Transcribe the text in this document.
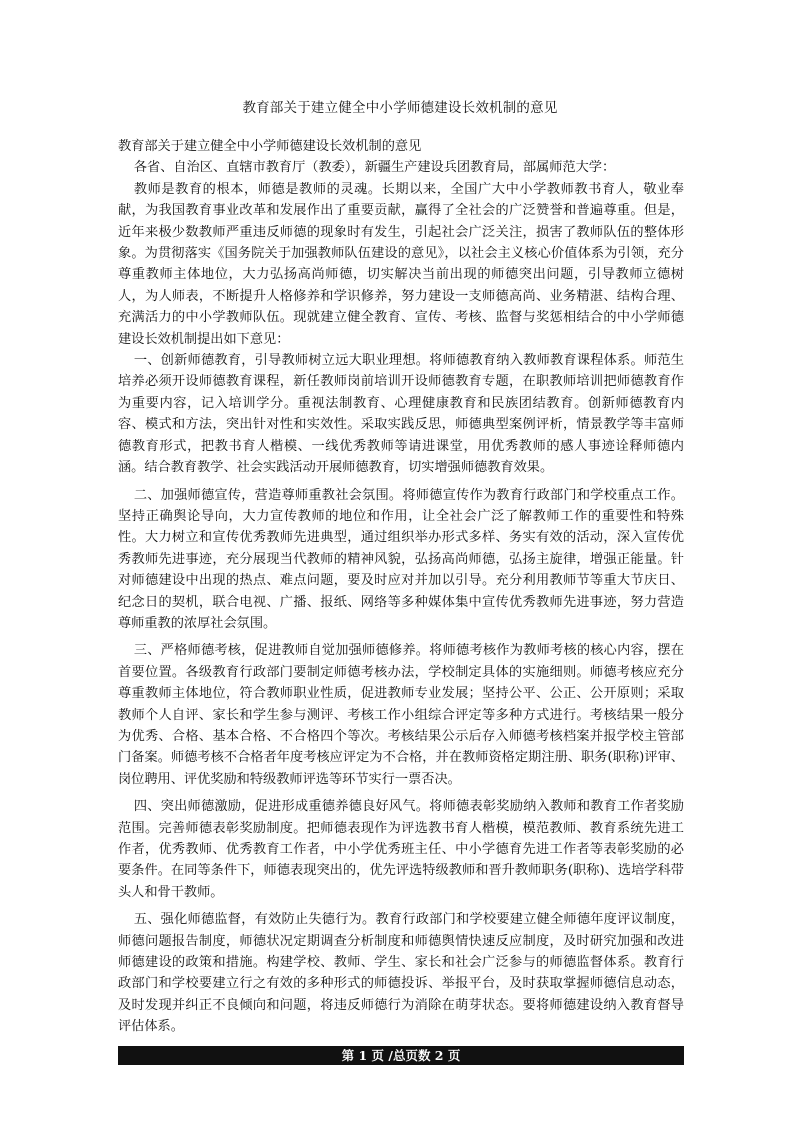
教育部关于建立健全中小学师德建设长效机制的意见

教育部关于建立健全中小学师德建设长效机制的意见

各省、自治区、直辖市教育厅（教委），新疆生产建设兵团教育局，部属师范大学：

教师是教育的根本，师德是教师的灵魂。长期以来，全国广大中小学教师教书育人，敬业奉献，为我国教育事业改革和发展作出了重要贡献，赢得了全社会的广泛赞誉和普遍尊重。但是，近年来极少数教师严重违反师德的现象时有发生，引起社会广泛关注，损害了教师队伍的整体形象。为贯彻落实《国务院关于加强教师队伍建设的意见》，以社会主义核心价值体系为引领，充分尊重教师主体地位，大力弘扬高尚师德，切实解决当前出现的师德突出问题，引导教师立德树人，为人师表，不断提升人格修养和学识修养，努力建设一支师德高尚、业务精湛、结构合理、充满活力的中小学教师队伍。现就建立健全教育、宣传、考核、监督与奖惩相结合的中小学师德建设长效机制提出如下意见：

一、创新师德教育，引导教师树立远大职业理想。将师德教育纳入教师教育课程体系。师范生培养必须开设师德教育课程，新任教师岗前培训开设师德教育专题，在职教师培训把师德教育作为重要内容，记入培训学分。重视法制教育、心理健康教育和民族团结教育。创新师德教育内容、模式和方法，突出针对性和实效性。采取实践反思，师德典型案例评析，情景教学等丰富师德教育形式，把教书育人楷模、一线优秀教师等请进课堂，用优秀教师的感人事迹诠释师德内涵。结合教育教学、社会实践活动开展师德教育，切实增强师德教育效果。

二、加强师德宣传，营造尊师重教社会氛围。将师德宣传作为教育行政部门和学校重点工作。坚持正确舆论导向，大力宣传教师的地位和作用，让全社会广泛了解教师工作的重要性和特殊性。大力树立和宣传优秀教师先进典型，通过组织举办形式多样、务实有效的活动，深入宣传优秀教师先进事迹，充分展现当代教师的精神风貌，弘扬高尚师德，弘扬主旋律，增强正能量。针对师德建设中出现的热点、难点问题，要及时应对并加以引导。充分利用教师节等重大节庆日、纪念日的契机，联合电视、广播、报纸、网络等多种媒体集中宣传优秀教师先进事迹，努力营造尊师重教的浓厚社会氛围。

三、严格师德考核，促进教师自觉加强师德修养。将师德考核作为教师考核的核心内容，摆在首要位置。各级教育行政部门要制定师德考核办法，学校制定具体的实施细则。师德考核应充分尊重教师主体地位，符合教师职业性质，促进教师专业发展；坚持公平、公正、公开原则；采取教师个人自评、家长和学生参与测评、考核工作小组综合评定等多种方式进行。考核结果一般分为优秀、合格、基本合格、不合格四个等次。考核结果公示后存入师德考核档案并报学校主管部门备案。师德考核不合格者年度考核应评定为不合格，并在教师资格定期注册、职务(职称)评审、岗位聘用、评优奖励和特级教师评选等环节实行一票否决。

四、突出师德激励，促进形成重德养德良好风气。将师德表彰奖励纳入教师和教育工作者奖励范围。完善师德表彰奖励制度。把师德表现作为评选教书育人楷模，模范教师、教育系统先进工作者，优秀教师、优秀教育工作者，中小学优秀班主任、中小学德育先进工作者等表彰奖励的必要条件。在同等条件下，师德表现突出的，优先评选特级教师和晋升教师职务(职称)、选培学科带头人和骨干教师。

五、强化师德监督，有效防止失德行为。教育行政部门和学校要建立健全师德年度评议制度，师德问题报告制度，师德状况定期调查分析制度和师德舆情快速反应制度，及时研究加强和改进师德建设的政策和措施。构建学校、教师、学生、家长和社会广泛参与的师德监督体系。教育行政部门和学校要建立行之有效的多种形式的师德投诉、举报平台，及时获取掌握师德信息动态，及时发现并纠正不良倾向和问题，将违反师德行为消除在萌芽状态。要将师德建设纳入教育督导评估体系。

第 1 页 /总页数 2 页
